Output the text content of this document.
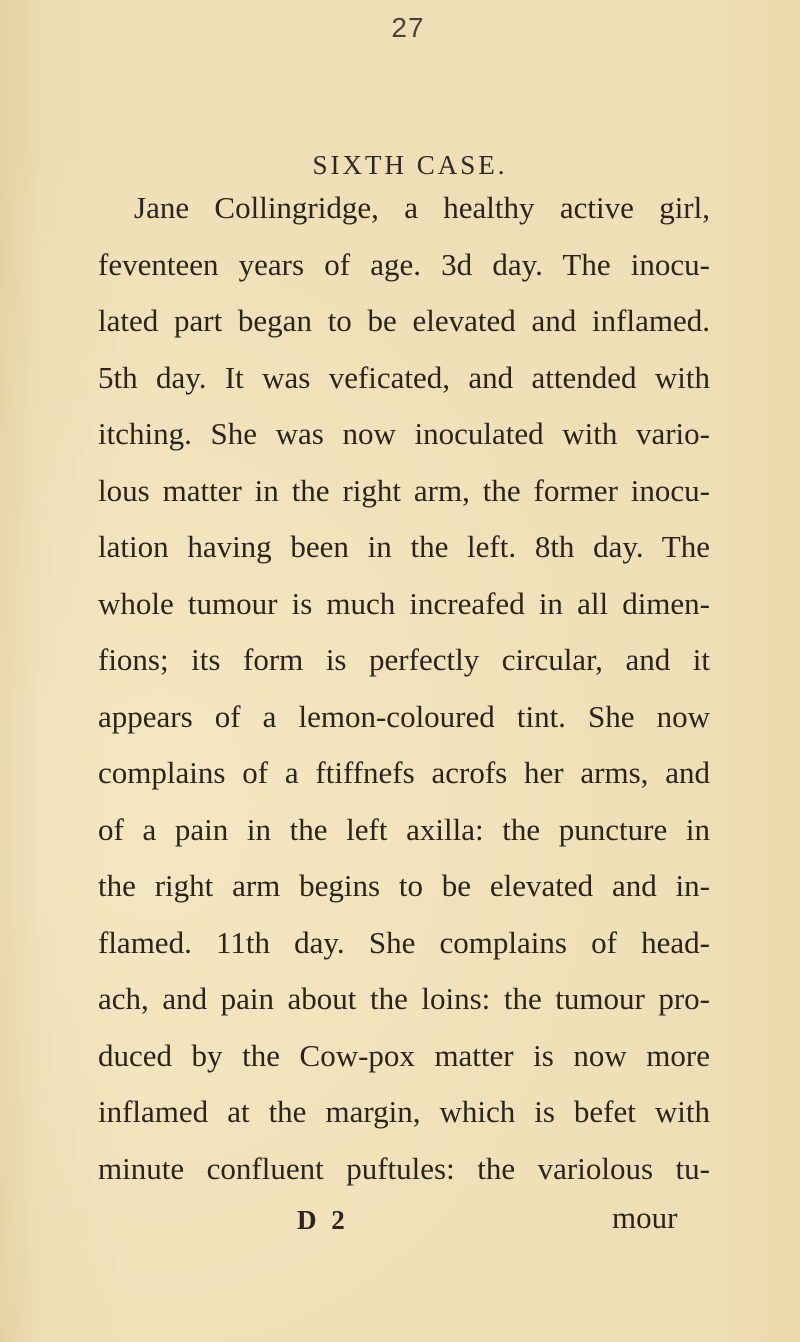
27
SIXTH CASE.
Jane Collingridge, a healthy active girl,
feventeen years of age. 3d day. The inocu-
lated part began to be elevated and inflamed.
5th day. It was veficated, and attended with
itching. She was now inoculated with vario-
lous matter in the right arm, the former inocu-
lation having been in the left. 8th day. The
whole tumour is much increafed in all dimen-
fions; its form is perfectly circular, and it
appears of a lemon-coloured tint. She now
complains of a ftiffnefs acrofs her arms, and
of a pain in the left axilla: the puncture in
the right arm begins to be elevated and in-
flamed. 11th day. She complains of head-
ach, and pain about the loins: the tumour pro-
duced by the Cow-pox matter is now more
inflamed at the margin, which is befet with
minute confluent puftules: the variolous tu-
D 2	mour
